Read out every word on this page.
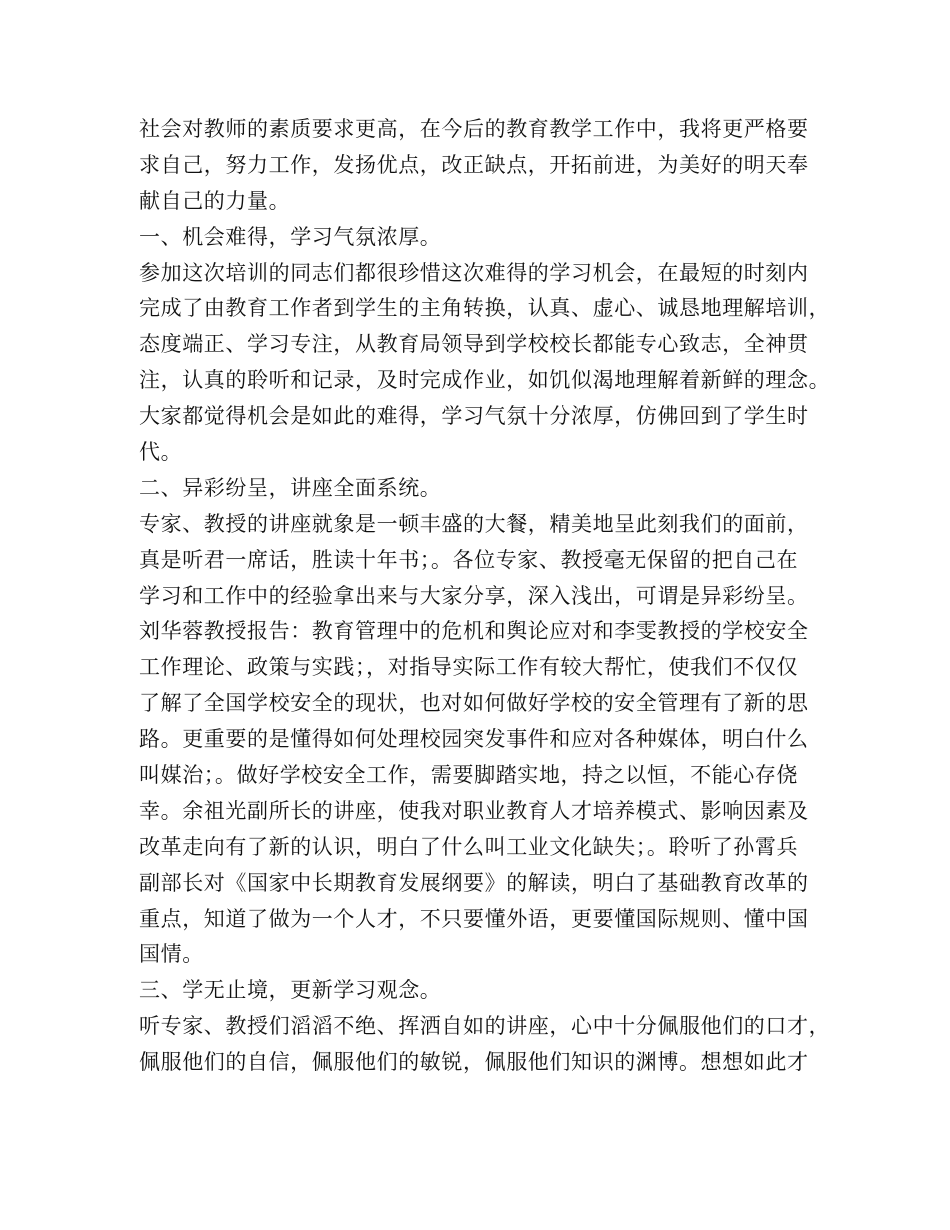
社会对教师的素质要求更高，在今后的教育教学工作中，我将更严格要
求自己，努力工作，发扬优点，改正缺点，开拓前进，为美好的明天奉
献自己的力量。
一、机会难得，学习气氛浓厚。
参加这次培训的同志们都很珍惜这次难得的学习机会，在最短的时刻内
完成了由教育工作者到学生的主角转换，认真、虚心、诚恳地理解培训，
态度端正、学习专注，从教育局领导到学校校长都能专心致志，全神贯
注，认真的聆听和记录，及时完成作业，如饥似渴地理解着新鲜的理念。
大家都觉得机会是如此的难得，学习气氛十分浓厚，仿佛回到了学生时
代。
二、异彩纷呈，讲座全面系统。
专家、教授的讲座就象是一顿丰盛的大餐，精美地呈此刻我们的面前，
真是听君一席话，胜读十年书；。各位专家、教授毫无保留的把自己在
学习和工作中的经验拿出来与大家分享，深入浅出，可谓是异彩纷呈。
刘华蓉教授报告：教育管理中的危机和舆论应对和李雯教授的学校安全
工作理论、政策与实践；，对指导实际工作有较大帮忙，使我们不仅仅
了解了全国学校安全的现状，也对如何做好学校的安全管理有了新的思
路。更重要的是懂得如何处理校园突发事件和应对各种媒体，明白什么
叫媒治；。做好学校安全工作，需要脚踏实地，持之以恒，不能心存侥
幸。余祖光副所长的讲座，使我对职业教育人才培养模式、影响因素及
改革走向有了新的认识，明白了什么叫工业文化缺失；。聆听了孙霄兵
副部长对《国家中长期教育发展纲要》的解读，明白了基础教育改革的
重点，知道了做为一个人才，不只要懂外语，更要懂国际规则、懂中国
国情。
三、学无止境，更新学习观念。
听专家、教授们滔滔不绝、挥洒自如的讲座，心中十分佩服他们的口才，
佩服他们的自信，佩服他们的敏锐，佩服他们知识的渊博。想想如此才
